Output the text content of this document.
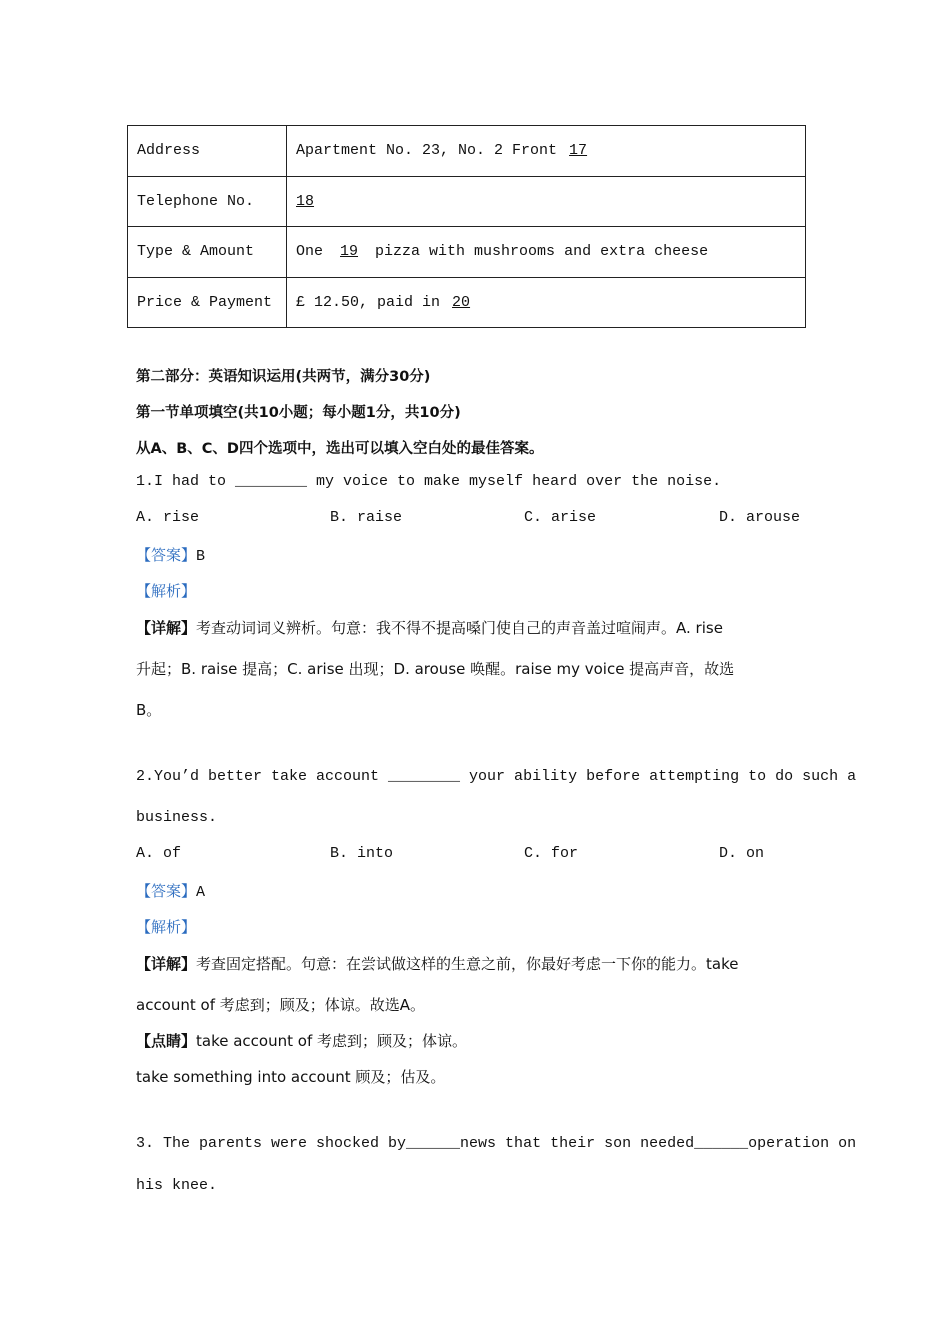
Address	Apartment No. 23, No. 2 Front 17
Telephone No.	18
Type & Amount	One 19 pizza with mushrooms and extra cheese
Price & Payment	£ 12.50, paid in 20
第二部分：英语知识运用(共两节，满分30分)
第一节单项填空(共10小题；每小题1分，共10分)
从A、B、C、D四个选项中，选出可以填入空白处的最佳答案。
1.I had to ________ my voice to make myself heard over the noise.
A. rise	B. raise	C. arise	D. arouse
【答案】B
【解析】
【详解】考查动词词义辨析。句意：我不得不提高嗓门使自己的声音盖过喧闹声。A. rise
升起；B. raise 提高；C. arise 出现；D. arouse 唤醒。raise my voice 提高声音，故选
B。
2.You’d better take account ________ your ability before attempting to do such a
business.
A. of	B. into	C. for	D. on
【答案】A
【解析】
【详解】考查固定搭配。句意：在尝试做这样的生意之前，你最好考虑一下你的能力。take
account of 考虑到；顾及；体谅。故选A。
【点睛】take account of 考虑到；顾及；体谅。
take something into account 顾及；估及。
3. The parents were shocked by______news that their son needed______operation on
his knee.
